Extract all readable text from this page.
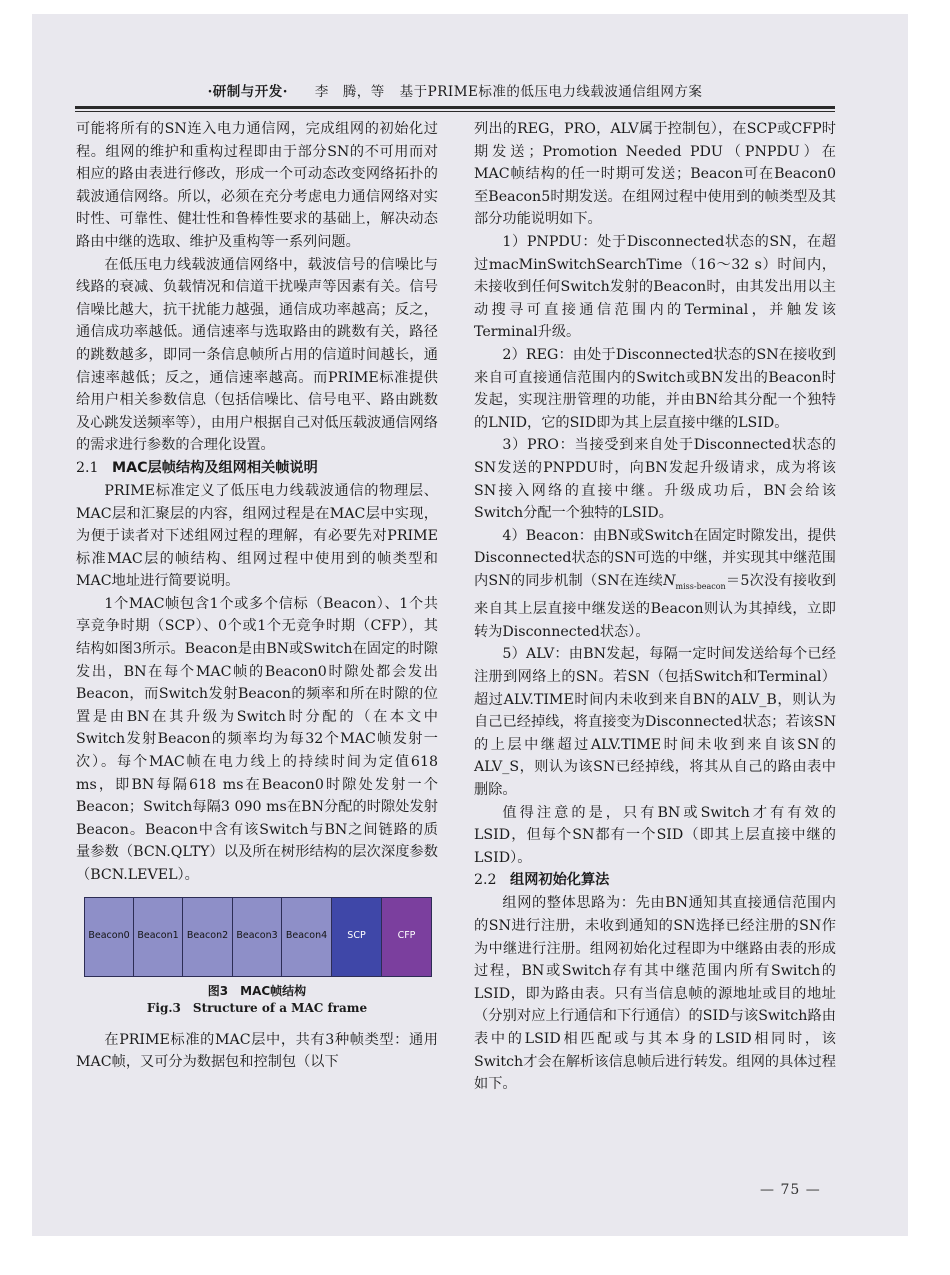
·研制与开发· 李　腾，等 基于PRIME标准的低压电力线载波通信组网方案

可能将所有的SN连入电力通信网，完成组网的初始化过程。组网的维护和重构过程即由于部分SN的不可用而对相应的路由表进行修改，形成一个可动态改变网络拓扑的载波通信网络。所以，必须在充分考虑电力通信网络对实时性、可靠性、健壮性和鲁棒性要求的基础上，解决动态路由中继的选取、维护及重构等一系列问题。

在低压电力线载波通信网络中，载波信号的信噪比与线路的衰减、负载情况和信道干扰噪声等因素有关。信号信噪比越大，抗干扰能力越强，通信成功率越高；反之，通信成功率越低。通信速率与选取路由的跳数有关，路径的跳数越多，即同一条信息帧所占用的信道时间越长，通信速率越低；反之，通信速率越高。而PRIME标准提供给用户相关参数信息（包括信噪比、信号电平、路由跳数及心跳发送频率等），由用户根据自己对低压载波通信网络的需求进行参数的合理化设置。

2.1 MAC层帧结构及组网相关帧说明

PRIME标准定义了低压电力线载波通信的物理层、MAC层和汇聚层的内容，组网过程是在MAC层中实现，为便于读者对下述组网过程的理解，有必要先对PRIME标准MAC层的帧结构、组网过程中使用到的帧类型和MAC地址进行简要说明。

1个MAC帧包含1个或多个信标（Beacon）、1个共享竞争时期（SCP）、0个或1个无竞争时期（CFP），其结构如图3所示。Beacon是由BN或Switch在固定的时隙发出，BN在每个MAC帧的Beacon0时隙处都会发出Beacon，而Switch发射Beacon的频率和所在时隙的位置是由BN在其升级为Switch时分配的（在本文中Switch发射Beacon的频率均为每32个MAC帧发射一次）。每个MAC帧在电力线上的持续时间为定值618 ms，即BN每隔618 ms在Beacon0时隙处发射一个Beacon；Switch每隔3 090 ms在BN分配的时隙处发射Beacon。Beacon中含有该Switch与BN之间链路的质量参数（BCN.QLTY）以及所在树形结构的层次深度参数（BCN.LEVEL）。

Beacon0 Beacon1 Beacon2 Beacon3 Beacon4	SCP	CFP
图3　MAC帧结构
Fig.3　Structure of a MAC frame

在PRIME标准的MAC层中，共有3种帧类型：通用MAC帧，又可分为数据包和控制包（以下

列出的REG，PRO，ALV属于控制包），在SCP或CFP时期发送；Promotion Needed PDU（PNPDU）在MAC帧结构的任一时期可发送；Beacon可在Beacon0至Beacon5时期发送。在组网过程中使用到的帧类型及其部分功能说明如下。

1）PNPDU：处于Disconnected状态的SN，在超过macMinSwitchSearchTime（16～32 s）时间内，未接收到任何Switch发射的Beacon时，由其发出用以主动搜寻可直接通信范围内的Terminal，并触发该Terminal升级。

2）REG：由处于Disconnected状态的SN在接收到来自可直接通信范围内的Switch或BN发出的Beacon时发起，实现注册管理的功能，并由BN给其分配一个独特的LNID，它的SID即为其上层直接中继的LSID。

3）PRO：当接受到来自处于Disconnected状态的SN发送的PNPDU时，向BN发起升级请求，成为将该SN接入网络的直接中继。升级成功后，BN会给该Switch分配一个独特的LSID。

4）Beacon：由BN或Switch在固定时隙发出，提供Disconnected状态的SN可选的中继，并实现其中继范围内SN的同步机制（SN在连续$N_{miss-beacon}=5$次没有接收到来自其上层直接中继发送的Beacon则认为其掉线，立即转为Disconnected状态）。

5）ALV：由BN发起，每隔一定时间发送给每个已经注册到网络上的SN。若SN（包括Switch和Terminal）超过ALV.TIME时间内未收到来自BN的ALV_B，则认为自己已经掉线，将直接变为Disconnected状态；若该SN的上层中继超过ALV.TIME时间未收到来自该SN的ALV_S，则认为该SN已经掉线，将其从自己的路由表中删除。

值得注意的是，只有BN或Switch才有有效的LSID，但每个SN都有一个SID（即其上层直接中继的LSID）。

2.2 组网初始化算法

组网的整体思路为：先由BN通知其直接通信范围内的SN进行注册，未收到通知的SN选择已经注册的SN作为中继进行注册。组网初始化过程即为中继路由表的形成过程，BN或Switch存有其中继范围内所有Switch的LSID，即为路由表。只有当信息帧的源地址或目的地址（分别对应上行通信和下行通信）的SID与该Switch路由表中的LSID相匹配或与其本身的LSID相同时，该Switch才会在解析该信息帧后进行转发。组网的具体过程如下。

— 75 —
